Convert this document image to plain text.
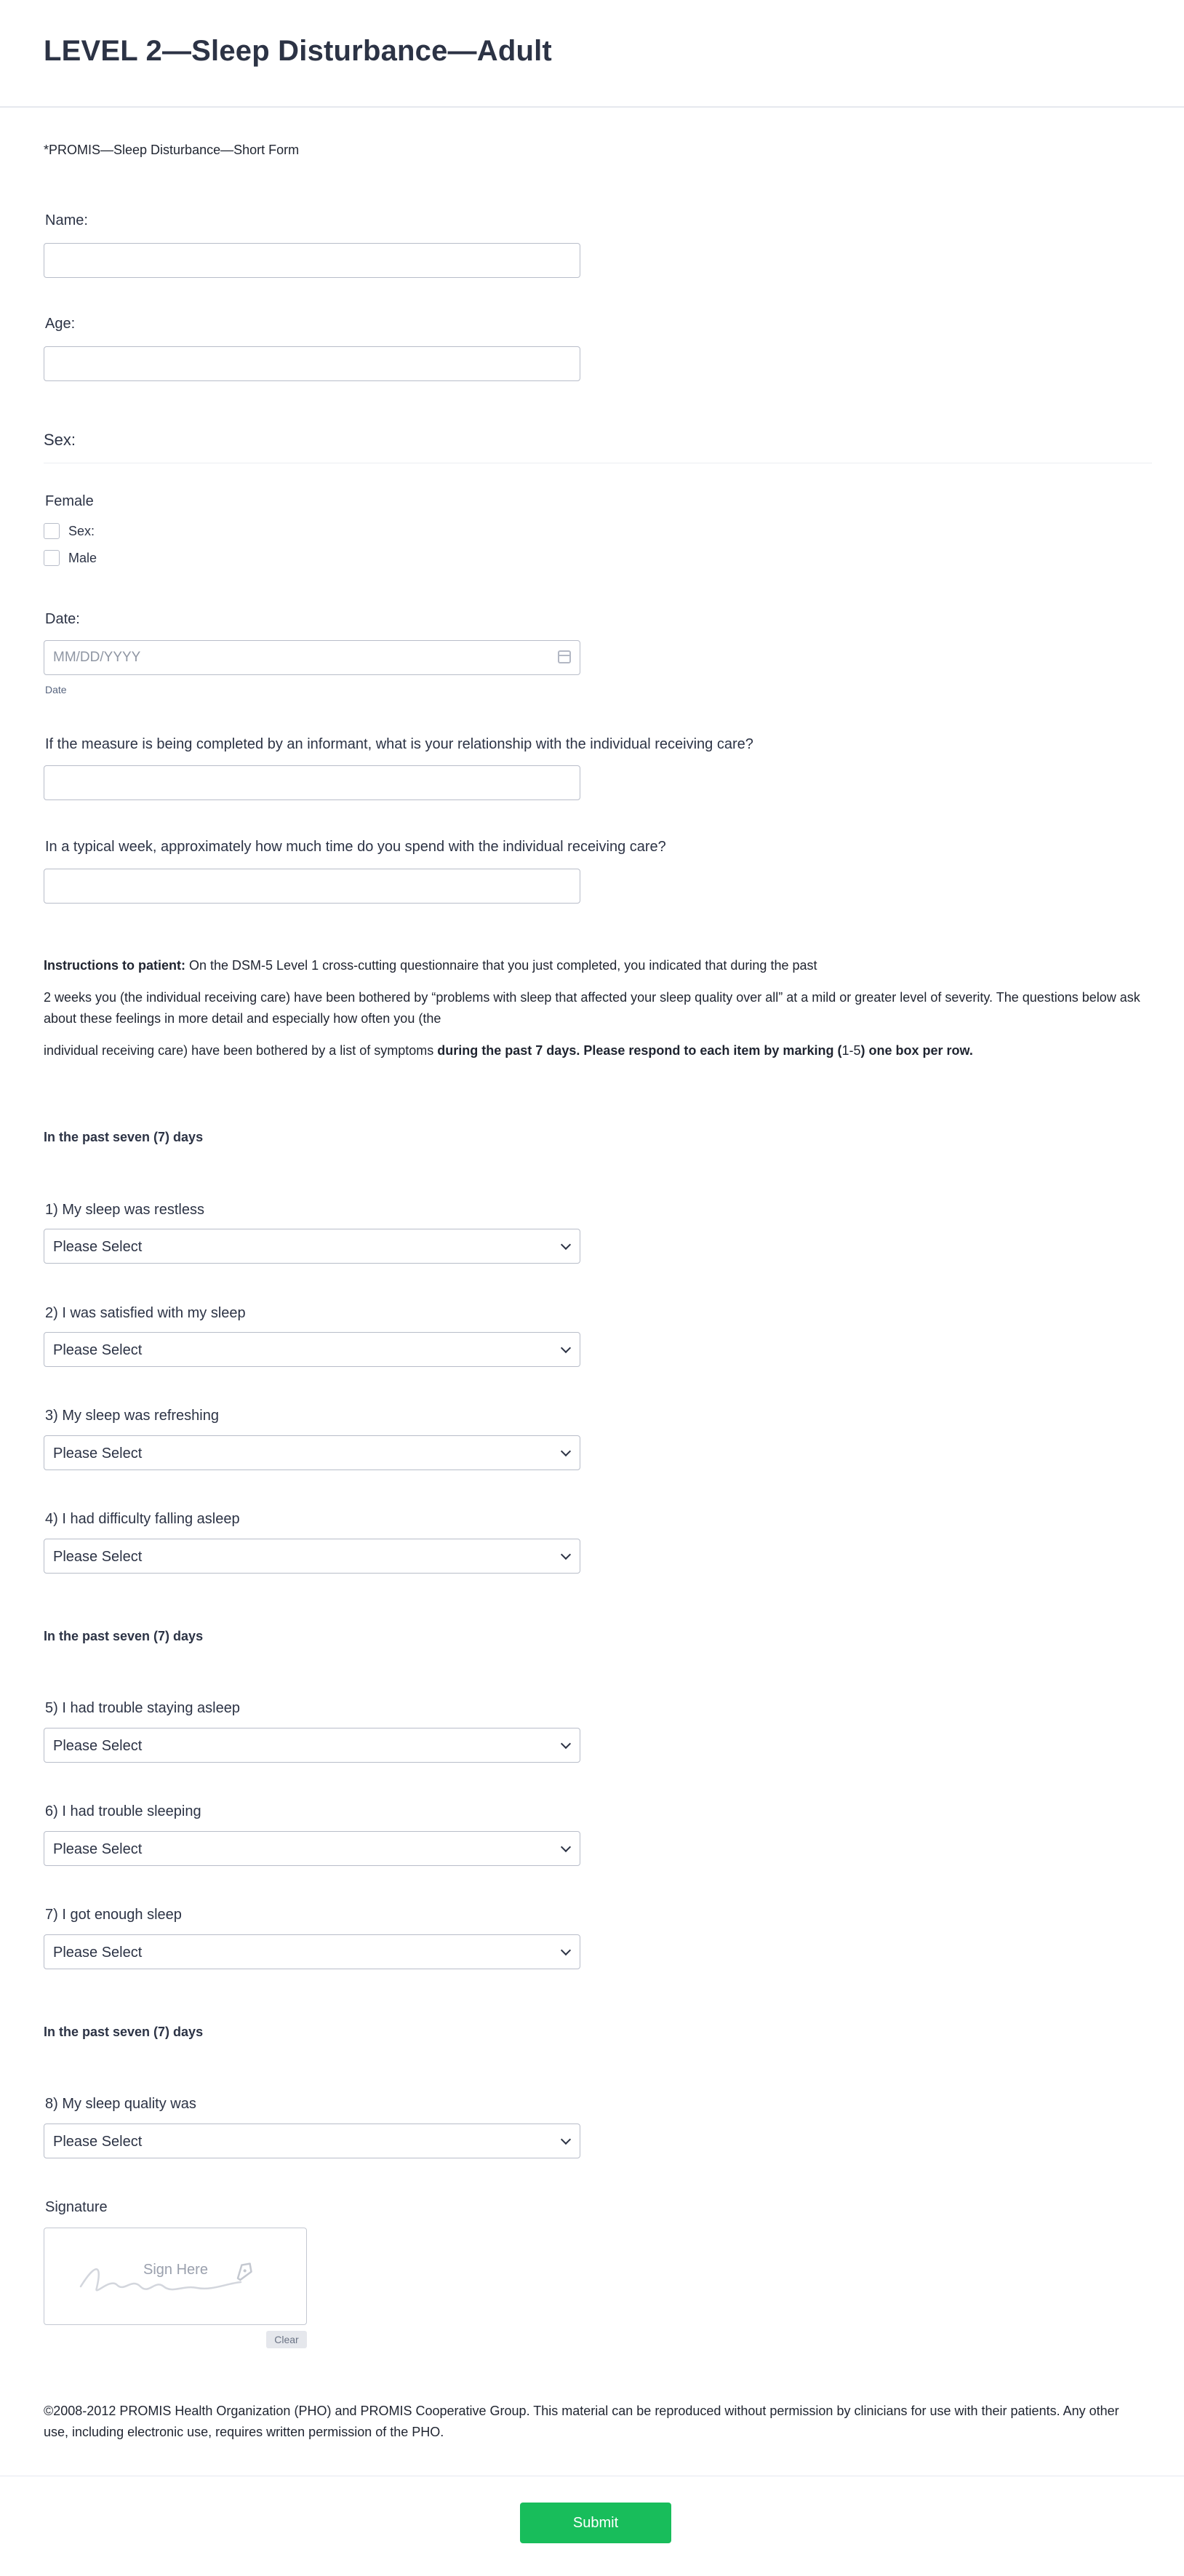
LEVEL 2—Sleep Disturbance—Adult
*PROMIS—Sleep Disturbance—Short Form
Name:
Age:
Sex:
Female
Sex:
Male
Date:
MM/DD/YYYY
Date
If the measure is being completed by an informant, what is your relationship with the individual receiving care?
In a typical week, approximately how much time do you spend with the individual receiving care?
Instructions to patient: On the DSM-5 Level 1 cross-cutting questionnaire that you just completed, you indicated that during the past
2 weeks you (the individual receiving care) have been bothered by “problems with sleep that affected your sleep quality over all” at a mild or greater level of severity. The questions below ask about these feelings in more detail and especially how often you (the
individual receiving care) have been bothered by a list of symptoms during the past 7 days. Please respond to each item by marking (1-5) one box per row.
In the past seven (7) days
1) My sleep was restless
Please Select
2) I was satisfied with my sleep
Please Select
3) My sleep was refreshing
Please Select
4) I had difficulty falling asleep
Please Select
In the past seven (7) days
5) I had trouble staying asleep
Please Select
6) I had trouble sleeping
Please Select
7) I got enough sleep
Please Select
In the past seven (7) days
8) My sleep quality was
Please Select
Signature
Sign Here
Clear
©2008-2012 PROMIS Health Organization (PHO) and PROMIS Cooperative Group. This material can be reproduced without permission by clinicians for use with their patients. Any other use, including electronic use, requires written permission of the PHO.
Submit
